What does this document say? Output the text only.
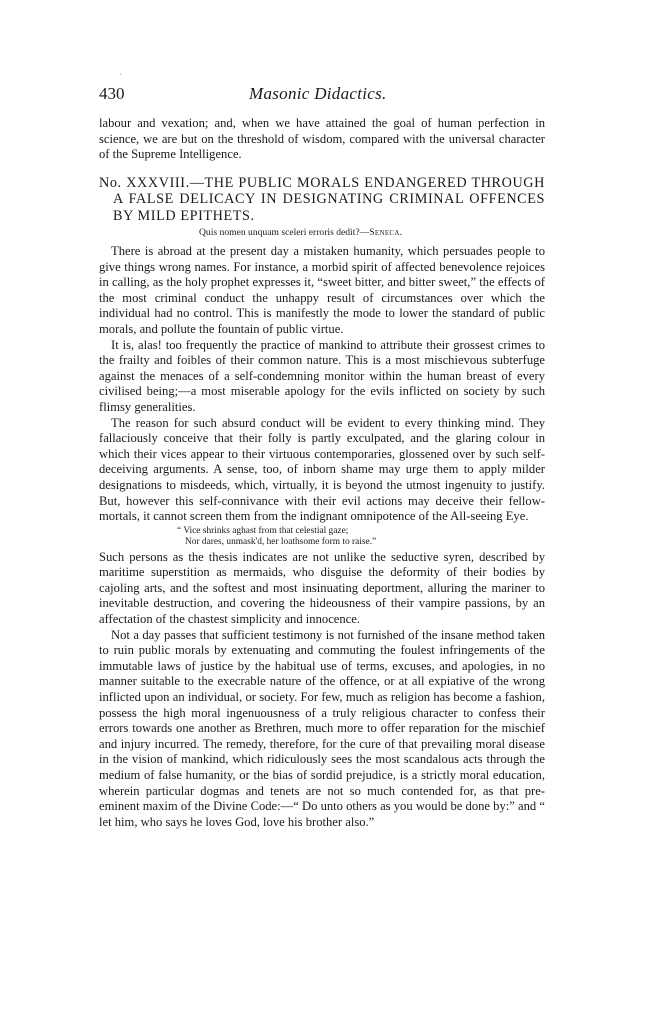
·
430	Masonic Didactics.

labour and vexation; and, when we have attained the goal of human perfection in science, we are but on the threshold of wisdom, compared with the universal character of the Supreme Intelligence.

No. XXXVIII.—THE PUBLIC MORALS ENDANGERED THROUGH A FALSE DELICACY IN DESIGNATING CRIMINAL OFFENCES BY MILD EPITHETS.
Quis nomen unquam sceleri erroris dedit?—Seneca.

There is abroad at the present day a mistaken humanity, which persuades people to give things wrong names. For instance, a morbid spirit of affected benevolence rejoices in calling, as the holy prophet expresses it, “sweet bitter, and bitter sweet,” the effects of the most criminal conduct the unhappy result of circumstances over which the individual had no control. This is manifestly the mode to lower the standard of public morals, and pollute the fountain of public virtue.

It is, alas! too frequently the practice of mankind to attribute their grossest crimes to the frailty and foibles of their common nature. This is a most mischievous subterfuge against the menaces of a self-condemning monitor within the human breast of every civilised being;—a most miserable apology for the evils inflicted on society by such flimsy generalities.

The reason for such absurd conduct will be evident to every thinking mind. They fallaciously conceive that their folly is partly exculpated, and the glaring colour in which their vices appear to their virtuous contemporaries, glossened over by such self-deceiving arguments. A sense, too, of inborn shame may urge them to apply milder designations to misdeeds, which, virtually, it is beyond the utmost ingenuity to justify. But, however this self-connivance with their evil actions may deceive their fellow-mortals, it cannot screen them from the indignant omnipotence of the All-seeing Eye.

“ Vice shrinks aghast from that celestial gaze;
Nor dares, unmask'd, her loathsome form to raise.”

Such persons as the thesis indicates are not unlike the seductive syren, described by maritime superstition as mermaids, who disguise the deformity of their bodies by cajoling arts, and the softest and most insinuating deportment, alluring the mariner to inevitable destruction, and covering the hideousness of their vampire passions, by an affectation of the chastest simplicity and innocence.

Not a day passes that sufficient testimony is not furnished of the insane method taken to ruin public morals by extenuating and commuting the foulest infringements of the immutable laws of justice by the habitual use of terms, excuses, and apologies, in no manner suitable to the execrable nature of the offence, or at all expiative of the wrong inflicted upon an individual, or society. For few, much as religion has become a fashion, possess the high moral ingenuousness of a truly religious character to confess their errors towards one another as Brethren, much more to offer reparation for the mischief and injury incurred. The remedy, therefore, for the cure of that prevailing moral disease in the vision of mankind, which ridiculously sees the most scandalous acts through the medium of false humanity, or the bias of sordid prejudice, is a strictly moral education, wherein particular dogmas and tenets are not so much contended for, as that pre-eminent maxim of the Divine Code:—“ Do unto others as you would be done by:” and “ let him, who says he loves God, love his brother also.”
